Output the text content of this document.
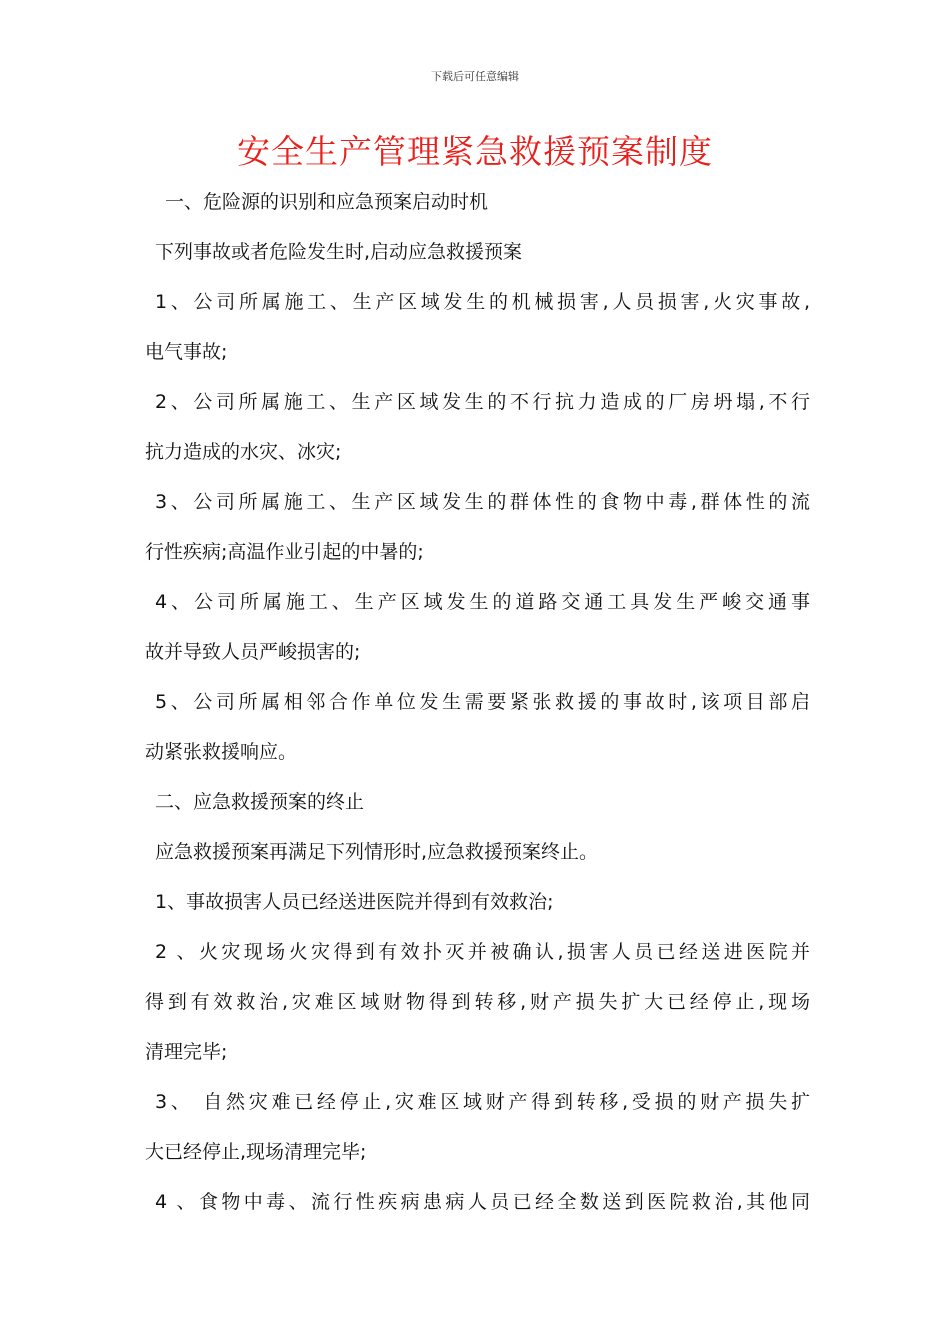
下载后可任意编辑
安全生产管理紧急救援预案制度
一、危险源的识别和应急预案启动时机
下列事故或者危险发生时,启动应急救援预案
1、公司所属施工、生产区域发生的机械损害,人员损害,火灾事故,
电气事故;
2、公司所属施工、生产区域发生的不行抗力造成的厂房坍塌,不行
抗力造成的水灾、冰灾;
3、公司所属施工、生产区域发生的群体性的食物中毒,群体性的流
行性疾病;高温作业引起的中暑的;
4、公司所属施工、生产区域发生的道路交通工具发生严峻交通事
故并导致人员严峻损害的;
5、公司所属相邻合作单位发生需要紧张救援的事故时,该项目部启
动紧张救援响应。
二、应急救援预案的终止
应急救援预案再满足下列情形时,应急救援预案终止。
1、事故损害人员已经送进医院并得到有效救治;
2 、火灾现场火灾得到有效扑灭并被确认,损害人员已经送进医院并
得到有效救治,灾难区域财物得到转移,财产损失扩大已经停止,现场
清理完毕;
3、 自然灾难已经停止,灾难区域财产得到转移,受损的财产损失扩
大已经停止,现场清理完毕;
4 、食物中毒、流行性疾病患病人员已经全数送到医院救治,其他同
